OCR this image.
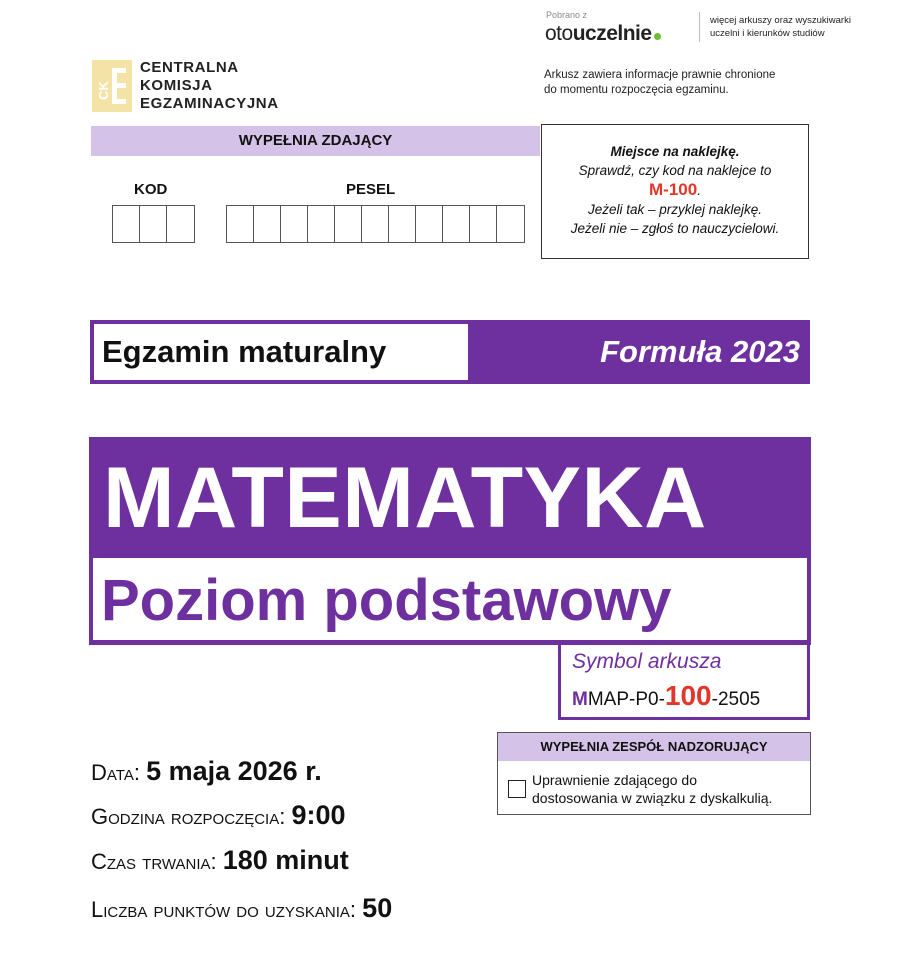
Pobrano z
otouczelnie
więcej arkuszy oraz wyszukiwarki
uczelni i kierunków studiów
CK
CENTRALNA
KOMISJA
EGZAMINACYJNA
Arkusz zawiera informacje prawnie chronione
do momentu rozpoczęcia egzaminu.
WYPEŁNIA ZDAJĄCY
KOD	PESEL
Miejsce na naklejkę.
Sprawdź, czy kod na naklejce to
M-100.
Jeżeli tak – przyklej naklejkę.
Jeżeli nie – zgłoś to nauczycielowi.
Egzamin maturalny	Formuła 2023
MATEMATYKA
Poziom podstawowy
Symbol arkusza
MMAP-P0-100-2505
WYPEŁNIA ZESPÓŁ NADZORUJĄCY
Uprawnienie zdającego do
dostosowania w związku z dyskalkulią.
Data: 5 maja 2026 r.
Godzina rozpoczęcia: 9:00
Czas trwania: 180 minut
Liczba punktów do uzyskania: 50
